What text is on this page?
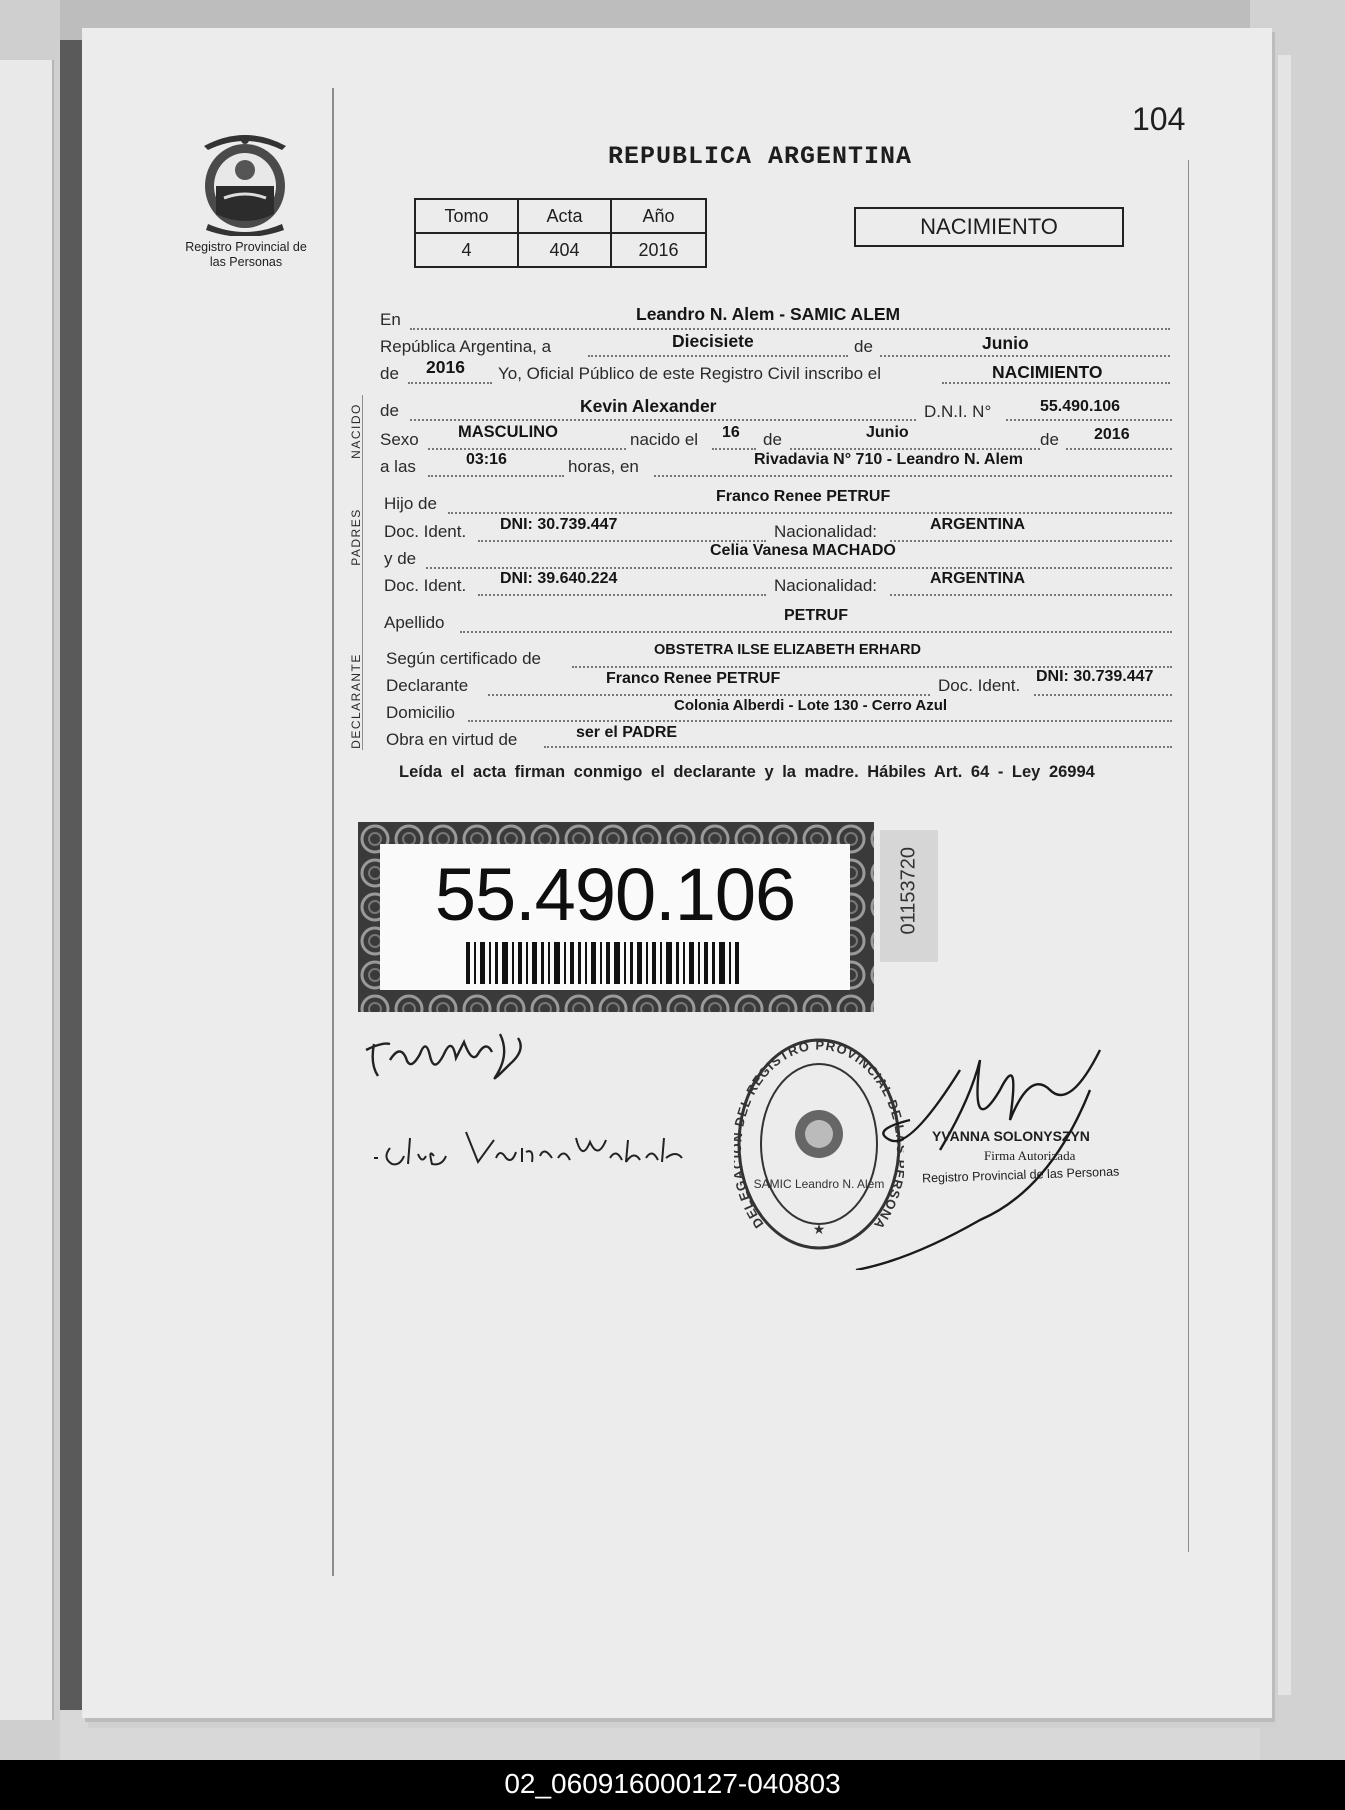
104
Registro Provincial de las Personas
REPUBLICA ARGENTINA
Tomo	Acta	Año
4	404	2016
NACIMIENTO
En	Leandro N. Alem - SAMIC ALEM
República Argentina, a	Diecisiete	de	Junio
de 2016 Yo, Oficial Público de este Registro Civil inscribo el	NACIMIENTO
NACIDO de	Kevin Alexander	D.N.I. N°	55.490.106
Sexo MASCULINO	nacido el 16 de	Junio	de 2016
a las	03:16	horas, en	Rivadavia N° 710 - Leandro N. Alem
PADRES
Hijo de	Franco Renee PETRUF
Doc. Ident. DNI: 30.739.447	Nacionalidad:	ARGENTINA
y de	Celia Vanesa MACHADO
Doc. Ident. DNI: 39.640.224	Nacionalidad:	ARGENTINA
Apellido	PETRUF
DECLARANTE Según certificado de	OBSTETRA ILSE ELIZABETH ERHARD
Declarante	Franco Renee PETRUF	Doc. Ident. DNI: 30.739.447
Domicilio	Colonia Alberdi - Lote 130 - Cerro Azul
Obra en virtud de	ser el PADRE
Leída el acta firman conmigo el declarante y la madre. Hábiles Art. 64 - Ley 26994
55.490.106	01153720
DELE EL REGISTRO PROVINCIAL DE SONA
SAMIC Leandro N. Alem
★
YVANNA SOLONYSZYN
Firma Autorizada
Registro Provincial de las Personas
02_060916000127-040803
